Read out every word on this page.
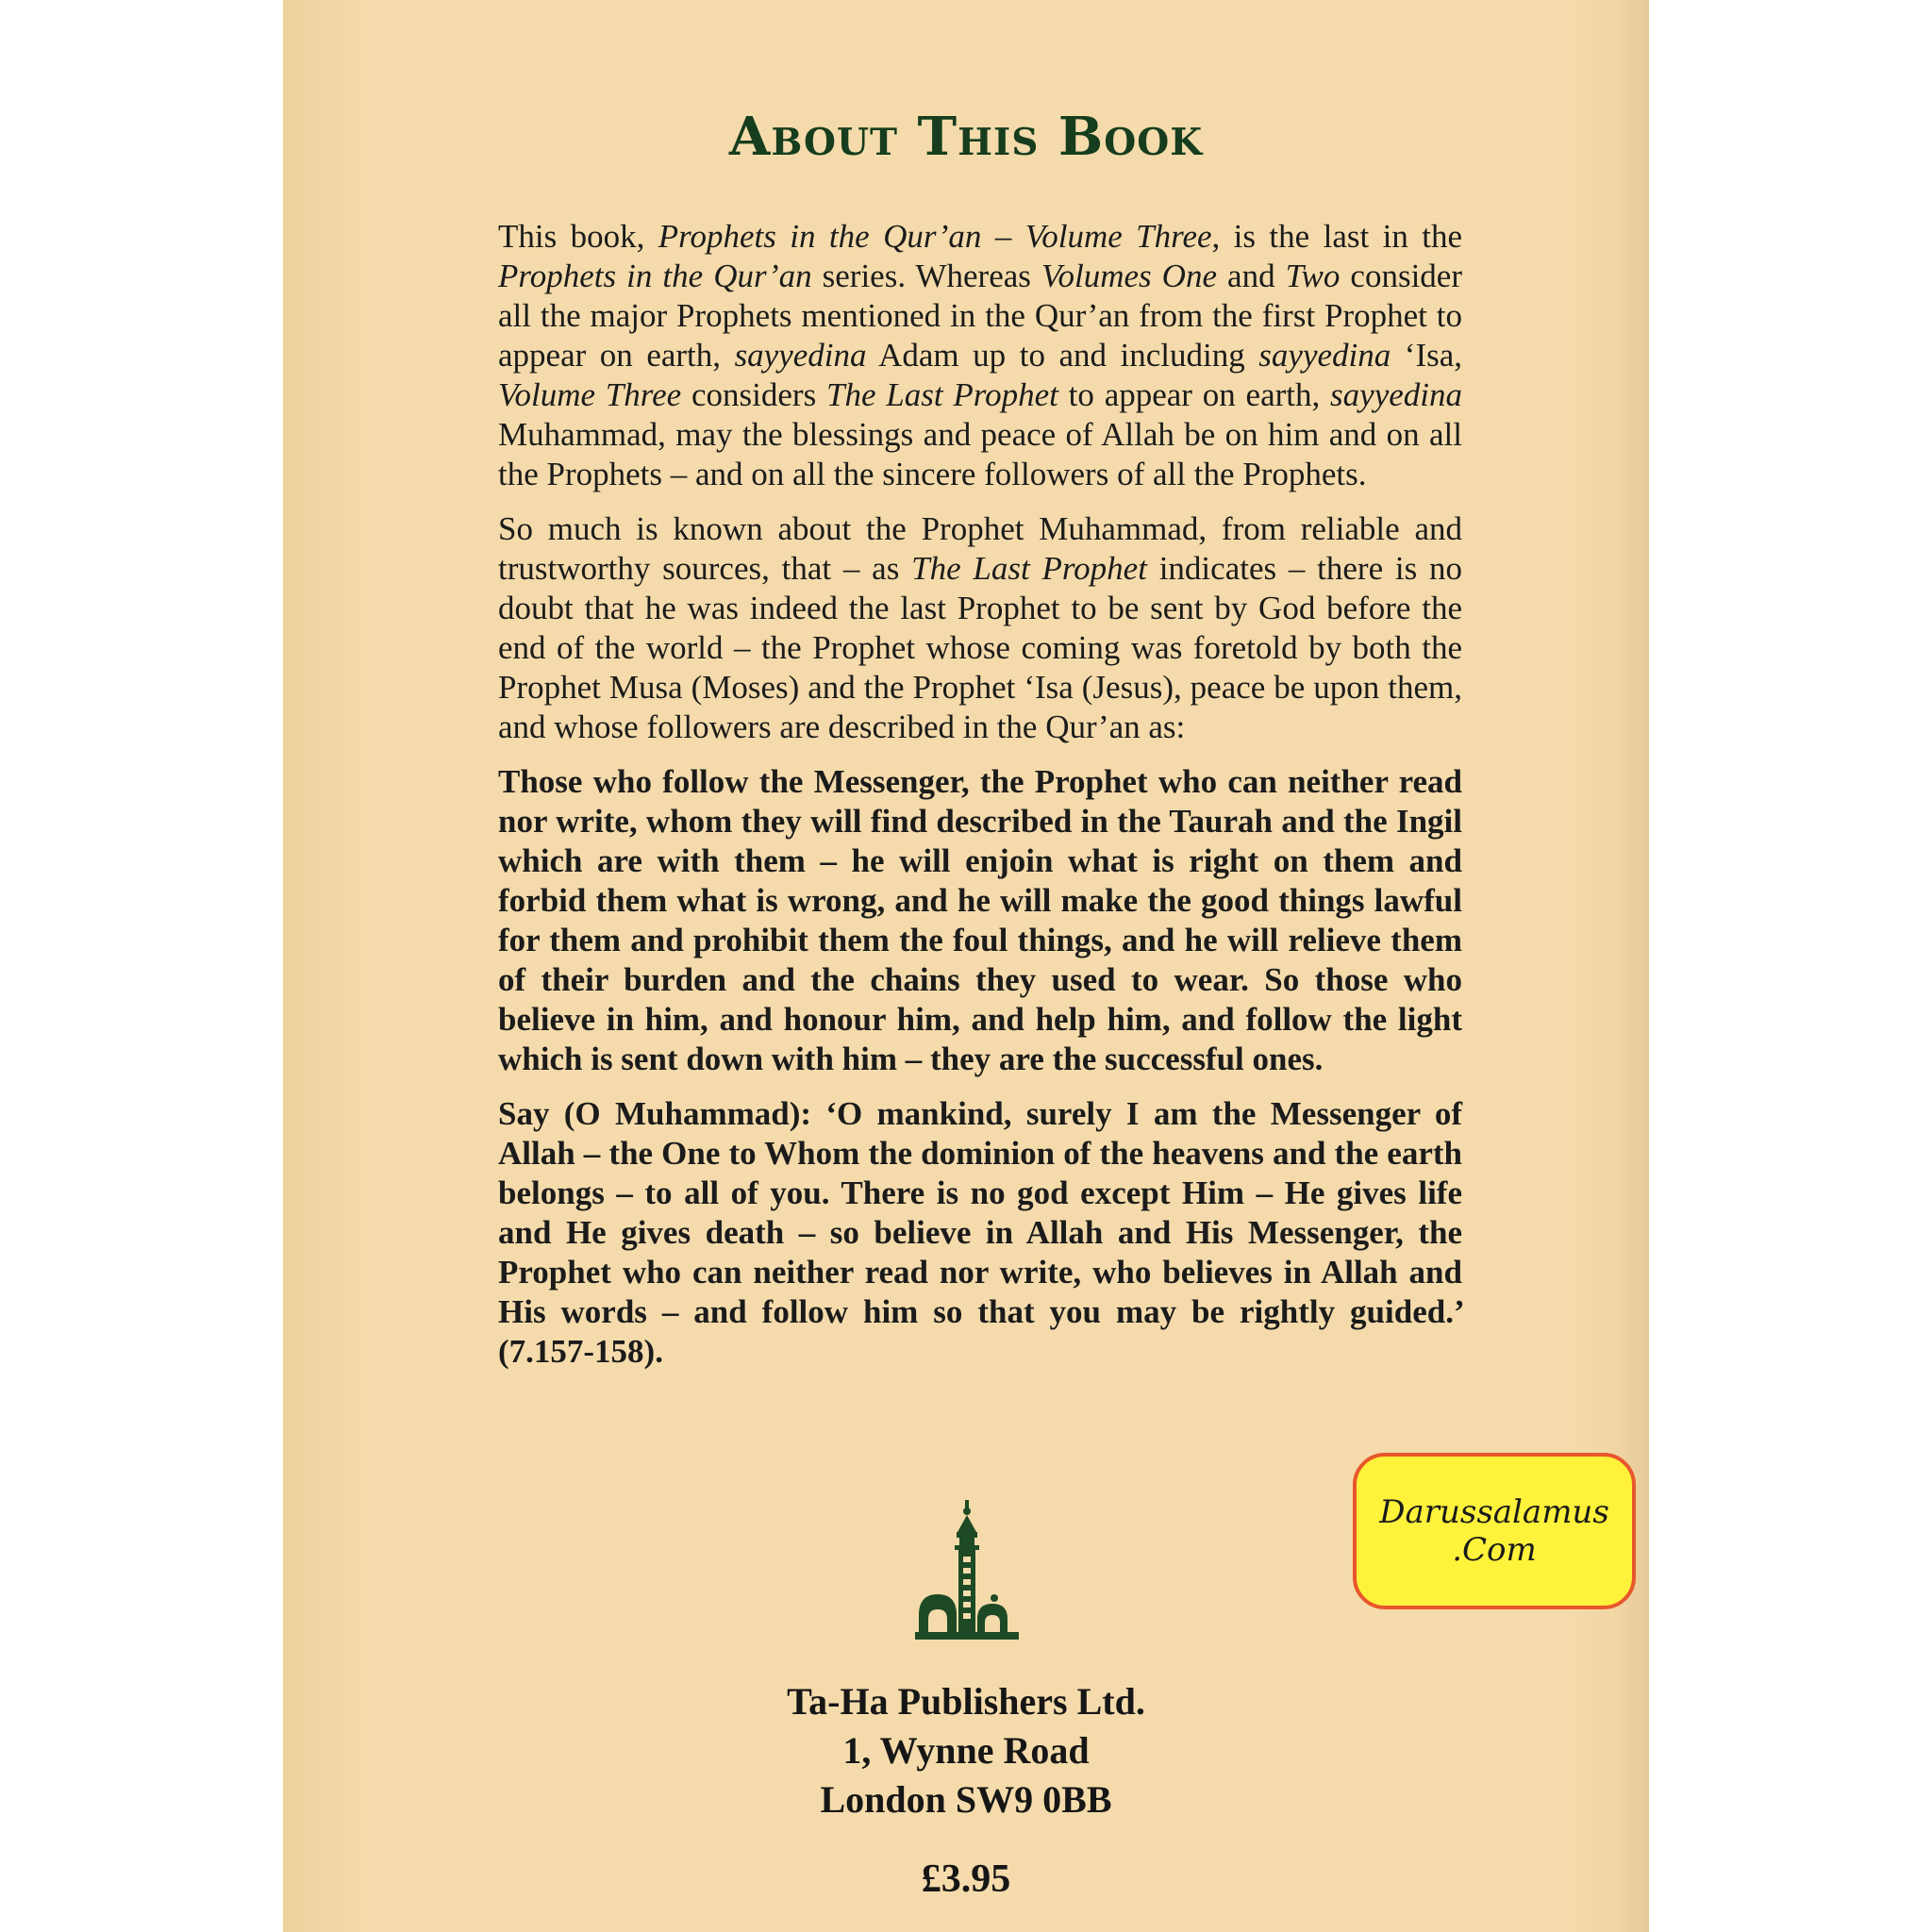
About This Book

This book, Prophets in the Qur’an – Volume Three, is the last in the Prophets in the Qur’an series. Whereas Volumes One and Two consider all the major Prophets mentioned in the Qur’an from the first Prophet to appear on earth, sayyedina Adam up to and including sayyedina ‘Isa, Volume Three considers The Last Prophet to appear on earth, sayyedina Muhammad, may the blessings and peace of Allah be on him and on all the Prophets – and on all the sincere followers of all the Prophets.

So much is known about the Prophet Muhammad, from reliable and trustworthy sources, that – as The Last Prophet indicates – there is no doubt that he was indeed the last Prophet to be sent by God before the end of the world – the Prophet whose coming was foretold by both the Prophet Musa (Moses) and the Prophet ‘Isa (Jesus), peace be upon them, and whose followers are described in the Qur’an as:

Those who follow the Messenger, the Prophet who can neither read nor write, whom they will find described in the Taurah and the Ingil which are with them – he will enjoin what is right on them and forbid them what is wrong, and he will make the good things lawful for them and prohibit them the foul things, and he will relieve them of their burden and the chains they used to wear. So those who believe in him, and honour him, and help him, and follow the light which is sent down with him – they are the successful ones.

Say (O Muhammad): ‘O mankind, surely I am the Messenger of Allah – the One to Whom the dominion of the heavens and the earth belongs – to all of you. There is no god except Him – He gives life and He gives death – so believe in Allah and His Messenger, the Prophet who can neither read nor write, who believes in Allah and His words – and follow him so that you may be rightly guided.’ (7.157-158).

Ta-Ha Publishers Ltd.
1, Wynne Road
London SW9 0BB
£3.95
Darussalamus
.Com
